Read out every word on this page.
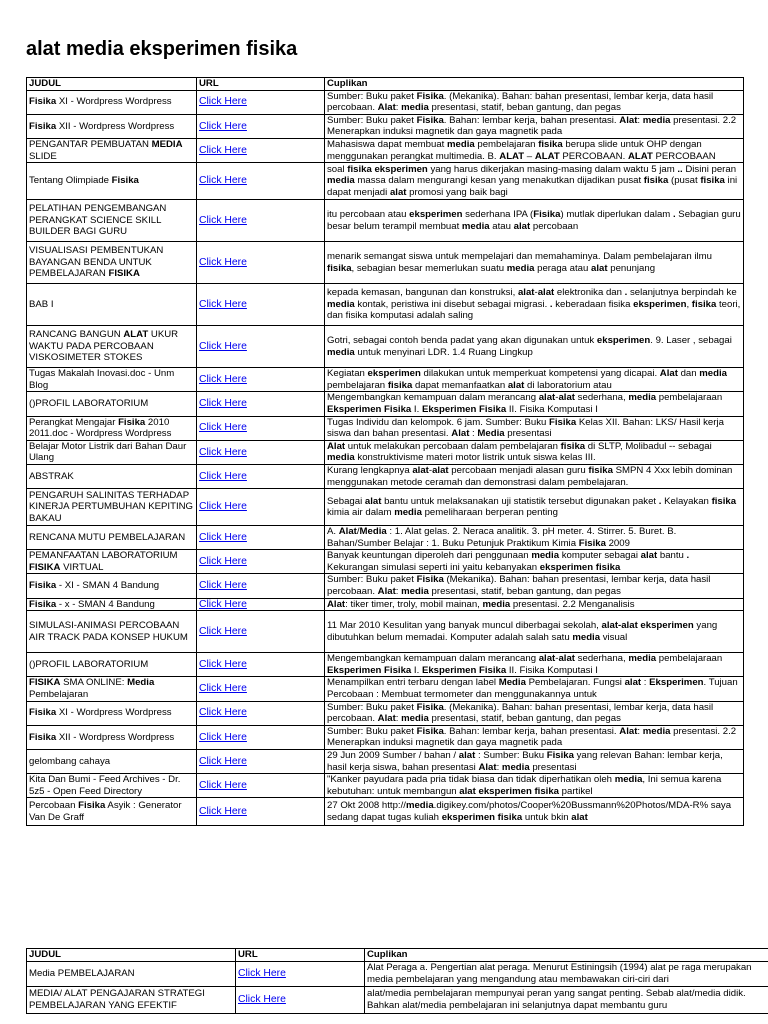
alat media eksperimen fisika
JUDUL	URL	Cuplikan
Fisika XI - Wordpress Wordpress	Click Here	Sumber: Buku paket Fisika. (Mekanika). Bahan: bahan presentasi, lembar kerja, data hasil percobaan. Alat: media presentasi, statif, beban gantung, dan pegas
Fisika XII - Wordpress Wordpress	Click Here	Sumber: Buku paket Fisika. Bahan: lembar kerja, bahan presentasi. Alat: media presentasi. 2.2 Menerapkan induksi magnetik dan gaya magnetik pada
PENGANTAR PEMBUATAN MEDIA SLIDE	Click Here	Mahasiswa dapat membuat media pembelajaran fisika berupa slide untuk OHP dengan menggunakan perangkat multimedia. B. ALAT – ALAT PERCOBAAN. ALAT PERCOBAAN
Tentang Olimpiade Fisika	Click Here	soal fisika eksperimen yang harus dikerjakan masing-masing dalam waktu 5 jam .. Disini peran media massa dalam mengurangi kesan yang menakutkan dijadikan pusat fisika (pusat fisika ini dapat menjadi alat promosi yang baik bagi
PELATIHAN PENGEMBANGAN PERANGKAT SCIENCE SKILL BUILDER BAGI GURU	Click Here	itu percobaan atau eksperimen sederhana IPA (Fisika) mutlak diperlukan dalam . Sebagian guru besar belum terampil membuat media atau alat percobaan
VISUALISASI PEMBENTUKAN BAYANGAN BENDA UNTUK PEMBELAJARAN FISIKA	Click Here	menarik semangat siswa untuk mempelajari dan memahaminya. Dalam pembelajaran ilmu fisika, sebagian besar memerlukan suatu media peraga atau alat penunjang
BAB I	Click Here	kepada kemasan, bangunan dan konstruksi, alat-alat elektronika dan . selanjutnya berpindah ke media kontak, peristiwa ini disebut sebagai migrasi. . keberadaan fisika eksperimen, fisika teori, dan fisika komputasi adalah saling
RANCANG BANGUN ALAT UKUR WAKTU PADA PERCOBAAN VISKOSIMETER STOKES	Click Here	Gotri, sebagai contoh benda padat yang akan digunakan untuk eksperimen. 9. Laser , sebagai media untuk menyinari LDR. 1.4 Ruang Lingkup
Tugas Makalah Inovasi.doc - Unm Blog	Click Here	Kegiatan eksperimen dilakukan untuk memperkuat kompetensi yang dicapai. Alat dan media pembelajaran fisika dapat memanfaatkan alat di laboratorium atau
()PROFIL LABORATORIUM	Click Here	Mengembangkan kemampuan dalam merancang alat-alat sederhana, media pembelajaraan Eksperimen Fisika I. Eksperimen Fisika II. Fisika Komputasi I
Perangkat Mengajar Fisika 2010 2011.doc - Wordpress Wordpress	Click Here	Tugas Individu dan kelompok. 6 jam. Sumber: Buku Fisika Kelas XII. Bahan: LKS/ Hasil kerja siswa dan bahan presentasi. Alat : Media presentasi
Belajar Motor Listrik dari Bahan Daur Ulang	Click Here	Alat untuk melakukan percobaan dalam pembelajaran fisika di SLTP, Molibadul -- sebagai media konstruktivisme materi motor listrik untuk siswa kelas III.
ABSTRAK	Click Here	Kurang lengkapnya alat-alat percobaan menjadi alasan guru fisika SMPN 4 Xxx lebih dominan menggunakan metode ceramah dan demonstrasi dalam pembelajaran.
PENGARUH SALINITAS TERHADAP KINERJA PERTUMBUHAN KEPITING BAKAU	Click Here	Sebagai alat bantu untuk melaksanakan uji statistik tersebut digunakan paket . Kelayakan fisika kimia air dalam media pemeliharaan berperan penting
RENCANA MUTU PEMBELAJARAN	Click Here	A. Alat/Media : 1. Alat gelas. 2. Neraca analitik. 3. pH meter. 4. Stirrer. 5. Buret. B. Bahan/Sumber Belajar : 1. Buku Petunjuk Praktikum Kimia Fisika 2009
PEMANFAATAN LABORATORIUM FISIKA VIRTUAL	Click Here	Banyak keuntungan diperoleh dari penggunaan media komputer sebagai alat bantu . Kekurangan simulasi seperti ini yaitu kebanyakan eksperimen fisika
Fisika - XI - SMAN 4 Bandung	Click Here	Sumber: Buku paket Fisika (Mekanika). Bahan: bahan presentasi, lembar kerja, data hasil percobaan. Alat: media presentasi, statif, beban gantung, dan pegas
Fisika - x - SMAN 4 Bandung	Click Here	Alat: tiker timer, troly, mobil mainan, media presentasi. 2.2 Menganalisis
SIMULASI-ANIMASI PERCOBAAN AIR TRACK PADA KONSEP HUKUM	Click Here	11 Mar 2010 Kesulitan yang banyak muncul diberbagai sekolah, alat-alat eksperimen yang dibutuhkan belum memadai. Komputer adalah salah satu media visual
()PROFIL LABORATORIUM	Click Here	Mengembangkan kemampuan dalam merancang alat-alat sederhana, media pembelajaraan Eksperimen Fisika I. Eksperimen Fisika II. Fisika Komputasi I
FISIKA SMA ONLINE: Media Pembelajaran	Click Here	Menampilkan entri terbaru dengan label Media Pembelajaran. Fungsi alat : Eksperimen. Tujuan Percobaan : Membuat termometer dan menggunakannya untuk
Fisika XI - Wordpress Wordpress	Click Here	Sumber: Buku paket Fisika. (Mekanika). Bahan: bahan presentasi, lembar kerja, data hasil percobaan. Alat: media presentasi, statif, beban gantung, dan pegas
Fisika XII - Wordpress Wordpress	Click Here	Sumber: Buku paket Fisika. Bahan: lembar kerja, bahan presentasi. Alat: media presentasi. 2.2 Menerapkan induksi magnetik dan gaya magnetik pada
gelombang cahaya	Click Here	29 Jun 2009 Sumber / bahan / alat : Sumber: Buku Fisika yang relevan Bahan: lembar kerja, hasil kerja siswa, bahan presentasi Alat: media presentasi
Kita Dan Bumi - Feed Archives - Dr. 5z5 - Open Feed Directory	Click Here	"Kanker payudara pada pria tidak biasa dan tidak diperhatikan oleh media, Ini semua karena kebutuhan: untuk membangun alat eksperimen fisika partikel
Percobaan Fisika Asyik : Generator Van De Graff	Click Here	27 Okt 2008 http://media.digikey.com/photos/Cooper%20Bussmann%20Photos/MDA-R% saya sedang dapat tugas kuliah eksperimen fisika untuk bkin alat
JUDUL	URL	Cuplikan
Media PEMBELAJARAN	Click Here	Alat Peraga a. Pengertian alat peraga. Menurut Estiningsih (1994) alat pe raga merupakan media pembelajaran yang mengandung atau membawakan ciri-ciri dari
MEDIA/ ALAT PENGAJARAN STRATEGI PEMBELAJARAN YANG EFEKTIF	Click Here	alat/media pembelajaran mempunyai peran yang sangat penting. Sebab alat/media didik. Bahkan alat/media pembelajaran ini selanjutnya dapat membantu guru
